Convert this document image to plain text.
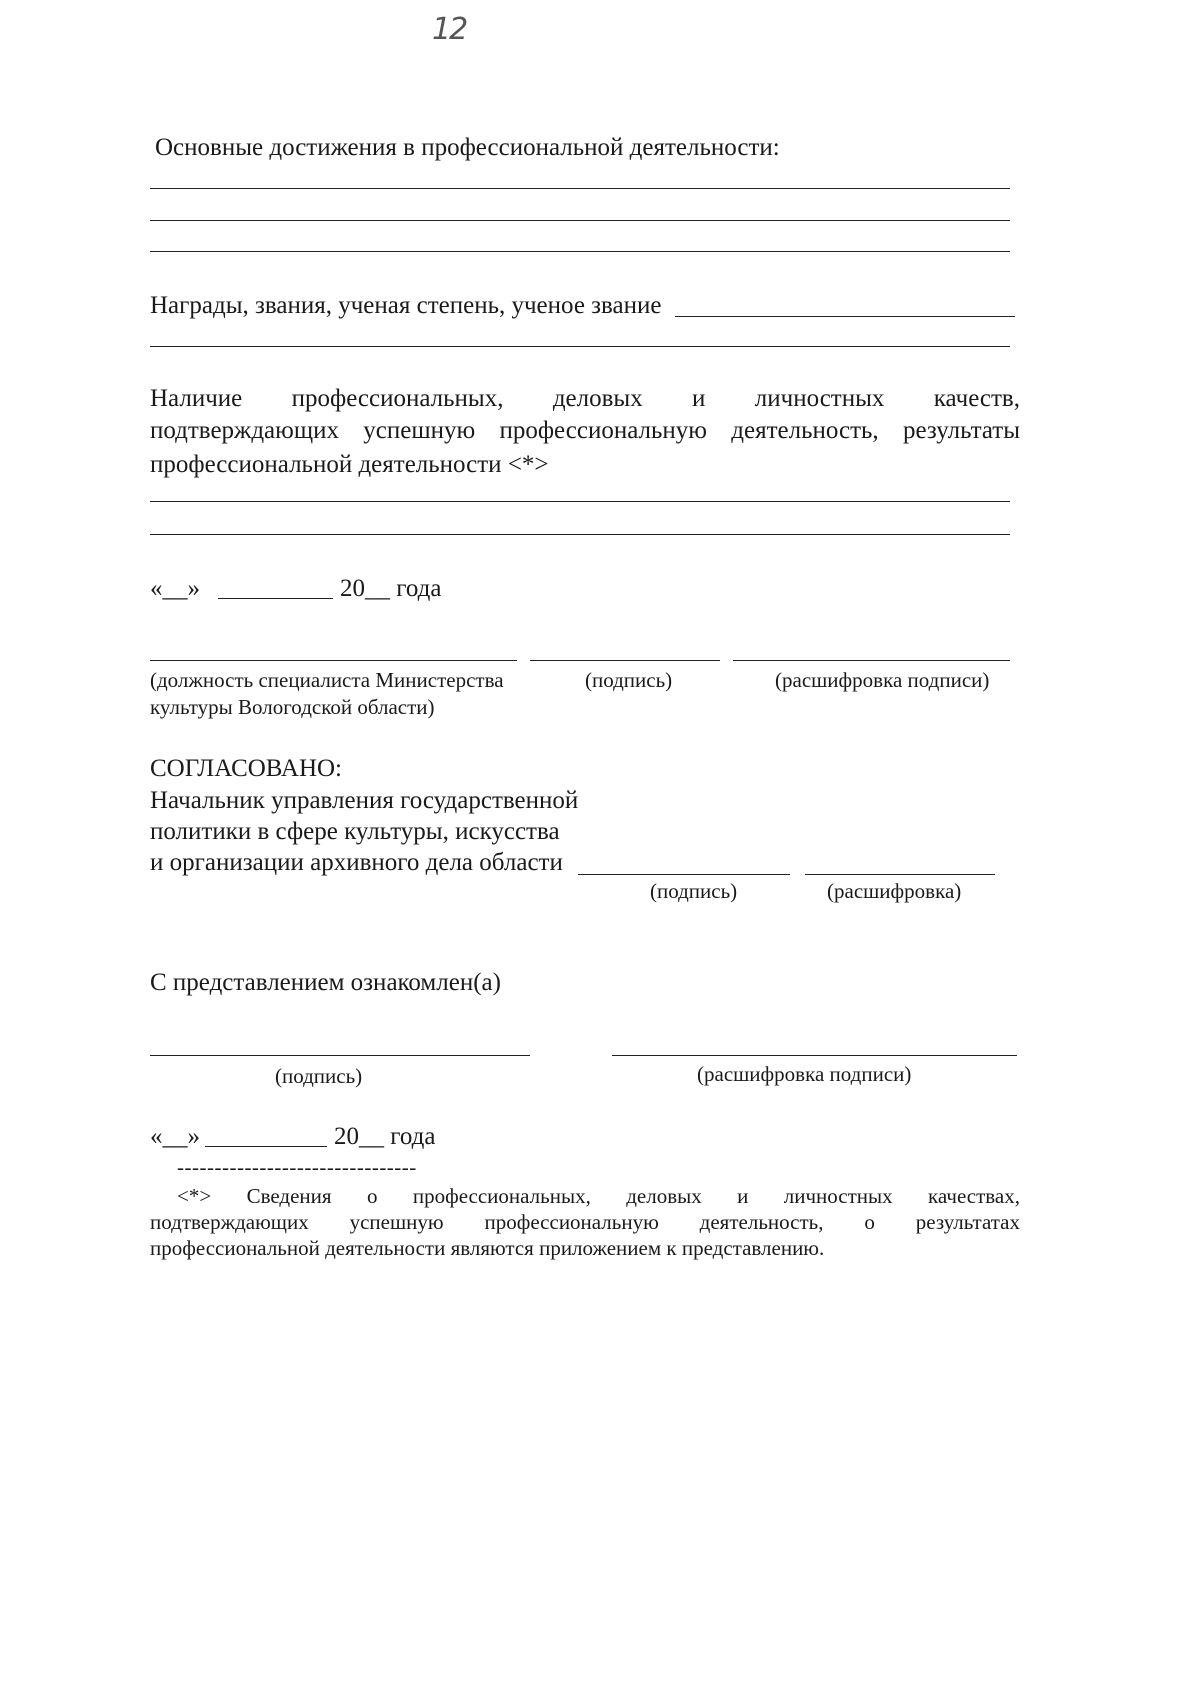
12
Основные достижения в профессиональной деятельности:
Награды, звания, ученая степень, ученое звание
Наличие профессиональных, деловых и личностных качеств,
подтверждающих успешную профессиональную деятельность, результаты
профессиональной деятельности <*>
«__»	20__ года
(должность специалиста Министерства
культуры Вологодской области)
(подпись)	(расшифровка подписи)
СОГЛАСОВАНО:
Начальник управления государственной
политики в сфере культуры, искусства
и организации архивного дела области
(подпись)	(расшифровка)
С представлением ознакомлен(а)
(подпись)	(расшифровка подписи)
«__»	20__ года
--------------------------------
<*> Сведения о профессиональных, деловых и личностных качествах,
подтверждающих успешную профессиональную деятельность, о результатах
профессиональной деятельности являются приложением к представлению.
